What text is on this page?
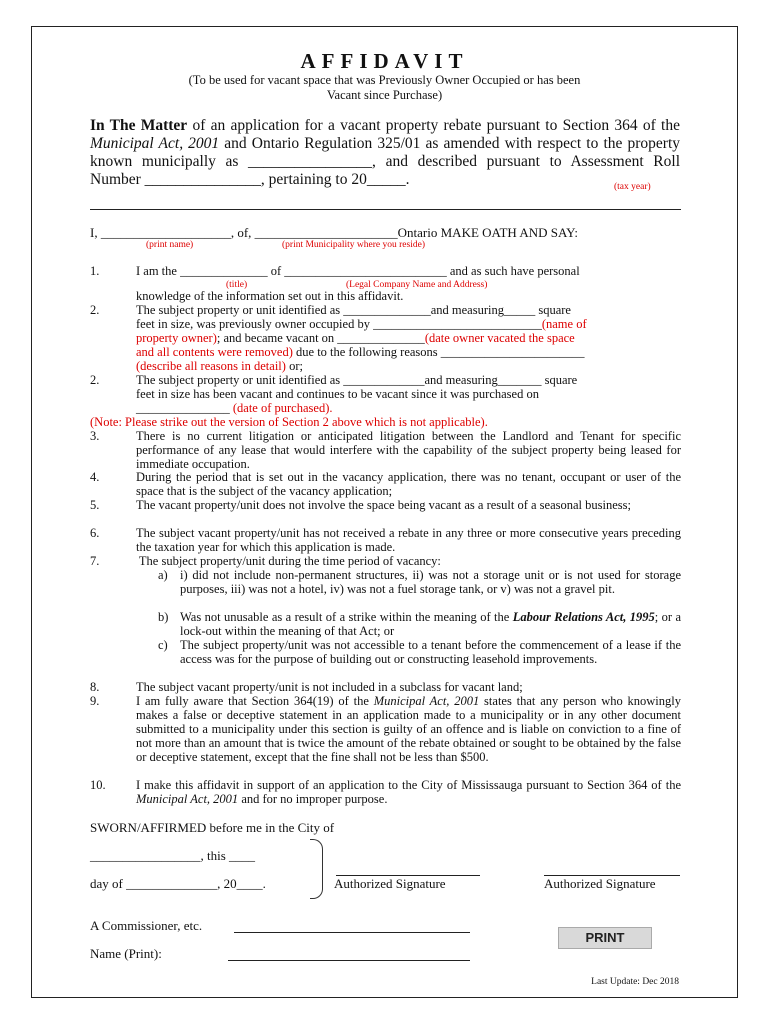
AFFIDAVIT
(To be used for vacant space that was Previously Owner Occupied or has been
Vacant since Purchase)
In The Matter of an application for a vacant property rebate pursuant to Section 364 of the Municipal Act, 2001 and Ontario Regulation 325/01 as amended with respect to the property known municipally as ________________, and described pursuant to Assessment Roll Number _______________, pertaining to 20_____.	(tax year)
I, ____________________, of, ______________________Ontario MAKE OATH AND SAY:
(print name)	(print Municipality where you reside)
1.	I am the ______________ of __________________________ and as such have personal
(title)	(Legal Company Name and Address)
knowledge of the information set out in this affidavit.
2.	The subject property or unit identified as ______________and measuring_____ square
feet in size, was previously owner occupied by ___________________________(name of
property owner); and became vacant on ______________(date owner vacated the space
and all contents were removed) due to the following reasons _______________________
(describe all reasons in detail) or;
2.	The subject property or unit identified as _____________and measuring_______ square
feet in size has been vacant and continues to be vacant since it was purchased on
_______________ (date of purchased).
(Note: Please strike out the version of Section 2 above which is not applicable).
3.	There is no current litigation or anticipated litigation between the Landlord and Tenant for specific performance of any lease that would interfere with the capability of the subject property being leased for immediate occupation.
4.	During the period that is set out in the vacancy application, there was no tenant, occupant or user of the space that is the subject of the vacancy application;
5.	The vacant property/unit does not involve the space being vacant as a result of a seasonal business;
6.	The subject vacant property/unit has not received a rebate in any three or more consecutive years preceding the taxation year for which this application is made.
7.	The subject property/unit during the time period of vacancy:
a) i) did not include non-permanent structures, ii) was not a storage unit or is not used for storage purposes, iii) was not a hotel, iv) was not a fuel storage tank, or v) was not a gravel pit.
b) Was not unusable as a result of a strike within the meaning of the Labour Relations Act, 1995; or a lock-out within the meaning of that Act; or
c) The subject property/unit was not accessible to a tenant before the commencement of a lease if the access was for the purpose of building out or constructing leasehold improvements.
8.	The subject vacant property/unit is not included in a subclass for vacant land;
9.	I am fully aware that Section 364(19) of the Municipal Act, 2001 states that any person who knowingly makes a false or deceptive statement in an application made to a municipality or in any other document submitted to a municipality under this section is guilty of an offence and is liable on conviction to a fine of not more than an amount that is twice the amount of the rebate obtained or sought to be obtained by the false or deceptive statement, except that the fine shall not be less than $500.
10. I make this affidavit in support of an application to the City of Mississauga pursuant to Section 364 of the Municipal Act, 2001 and for no improper purpose.
SWORN/AFFIRMED before me in the City of
_________________, this ____
day of ______________, 20____.	Authorized Signature	Authorized Signature
A Commissioner, etc.
Name (Print):
PRINT
Last Update: Dec 2018
